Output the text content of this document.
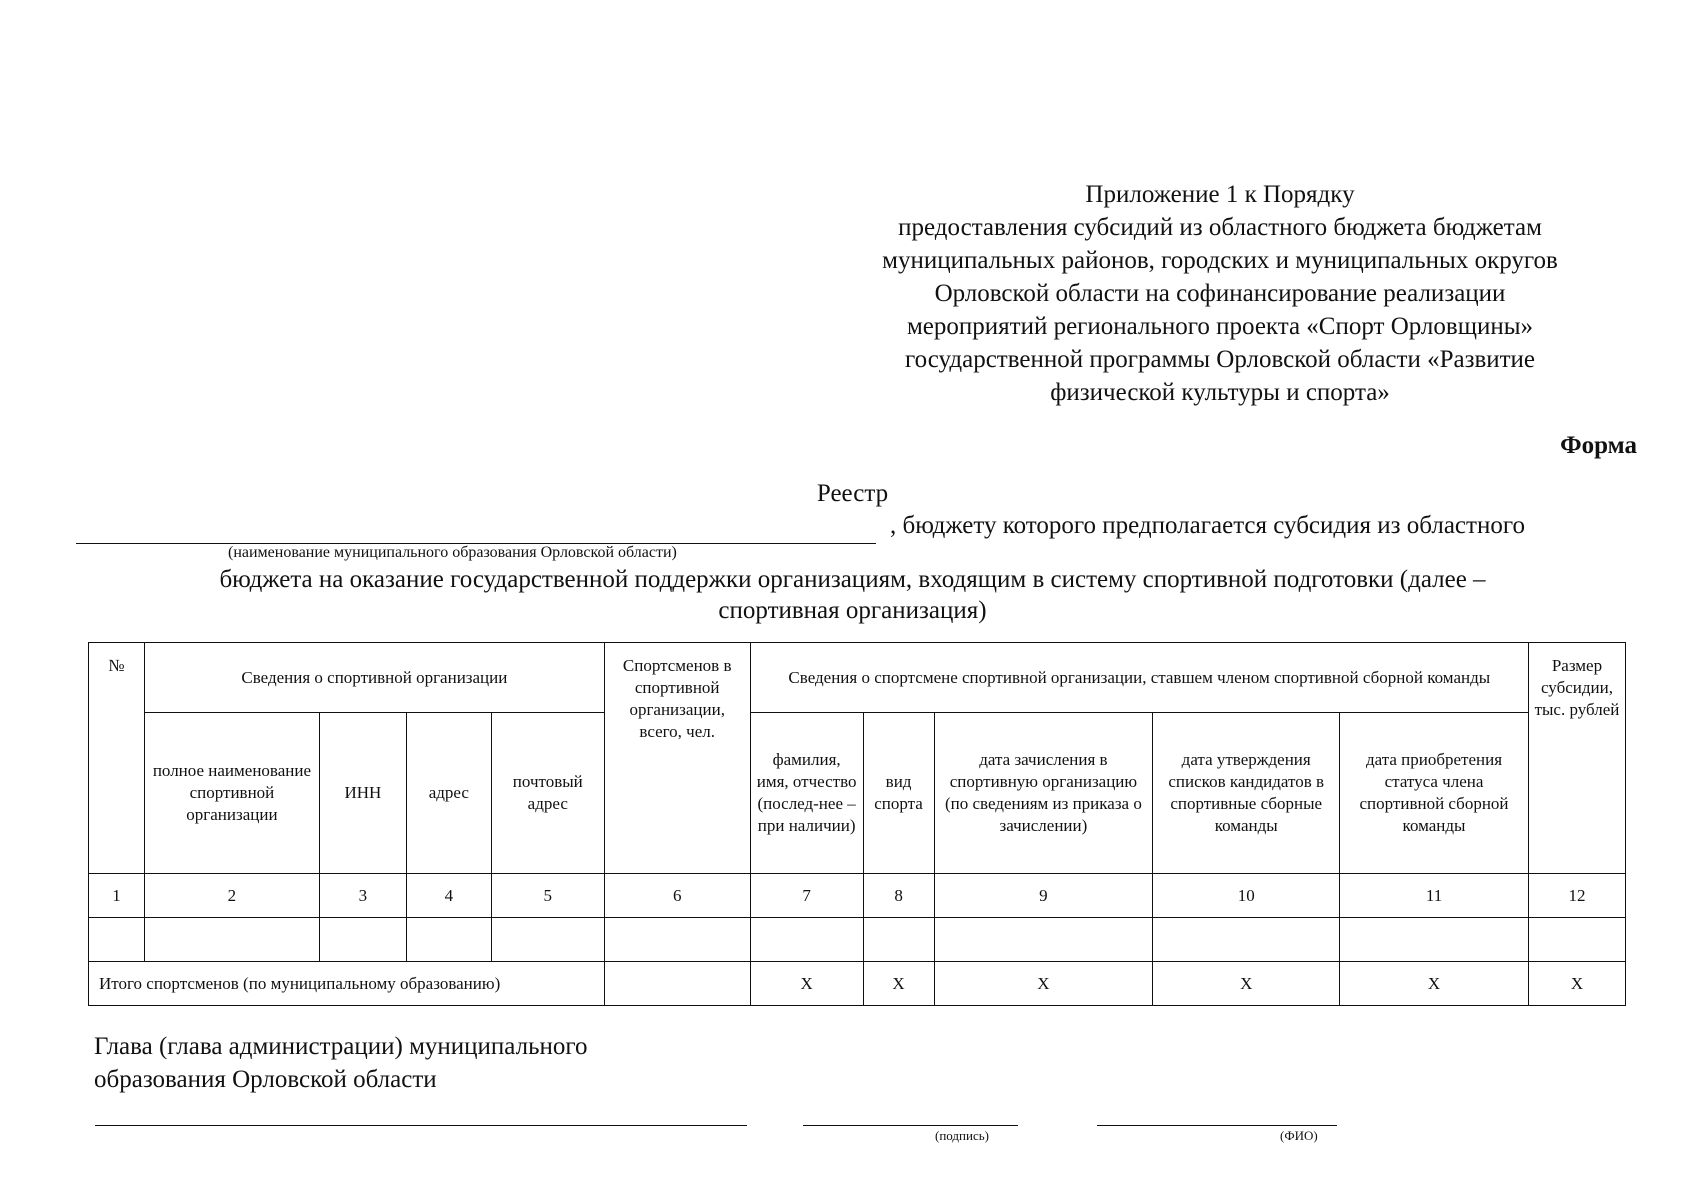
Приложение 1 к Порядку
предоставления субсидий из областного бюджета бюджетам
муниципальных районов, городских и муниципальных округов
Орловской области на софинансирование реализации
мероприятий регионального проекта «Спорт Орловщины»
государственной программы Орловской области «Развитие
физической культуры и спорта»
Форма
Реестр
, бюджету которого предполагается субсидия из областного
(наименование муниципального образования Орловской области)
бюджета на оказание государственной поддержки организациям, входящим в систему спортивной подготовки (далее –
спортивная организация)
№	Сведения о спортивной организации				Спортсменов в спортивной организации, всего, чел.	Сведения о спортсмене спортивной организации, ставшем членом спортивной сборной команды					Размер субсидии, тыс. рублей
	полное наименование спортивной организации	ИНН	адрес	почтовый адрес		фамилия, имя, отчество (послед-нее – при наличии)	вид спорта	дата зачисления в спортивную организацию (по сведениям из приказа о зачислении)	дата утверждения списков кандидатов в спортивные сборные команды	дата приобретения статуса члена спортивной сборной команды	
1	2	3	4	5	6	7	8	9	10	11	12

Итого спортсменов (по муниципальному образованию)						X	X	X	X	X	X
Глава (глава администрации) муниципального
образования Орловской области
(подпись)	(ФИО)
